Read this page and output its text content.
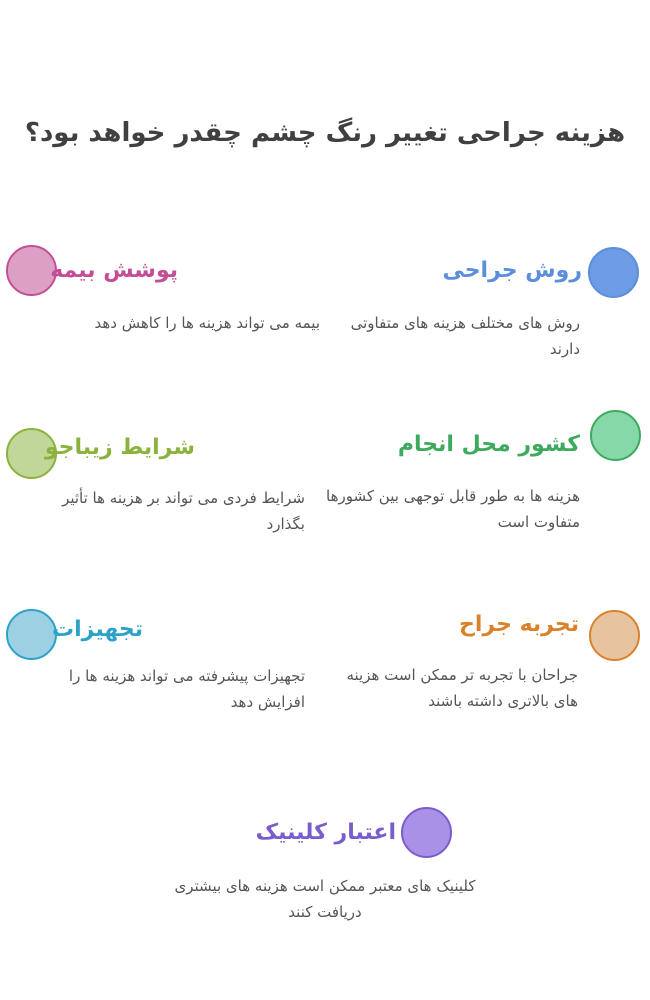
هزینه جراحی تغییر رنگ چشم چقدر خواهد بود؟
روش جراحی
روش های مختلف هزینه های متفاوتی دارند
پوشش بیمه
بیمه می تواند هزینه ها را کاهش دهد
کشور محل انجام
هزینه ها به طور قابل توجهی بین کشورها متفاوت است
شرایط زیباجو
شرایط فردی می تواند بر هزینه ها تأثیر بگذارد
تجربه جراح
جراحان با تجربه تر ممکن است هزینه های بالاتری داشته باشند
تجهیزات
تجهیزات پیشرفته می تواند هزینه ها را افزایش دهد
اعتبار کلینیک
کلینیک های معتبر ممکن است هزینه های بیشتری دریافت کنند
